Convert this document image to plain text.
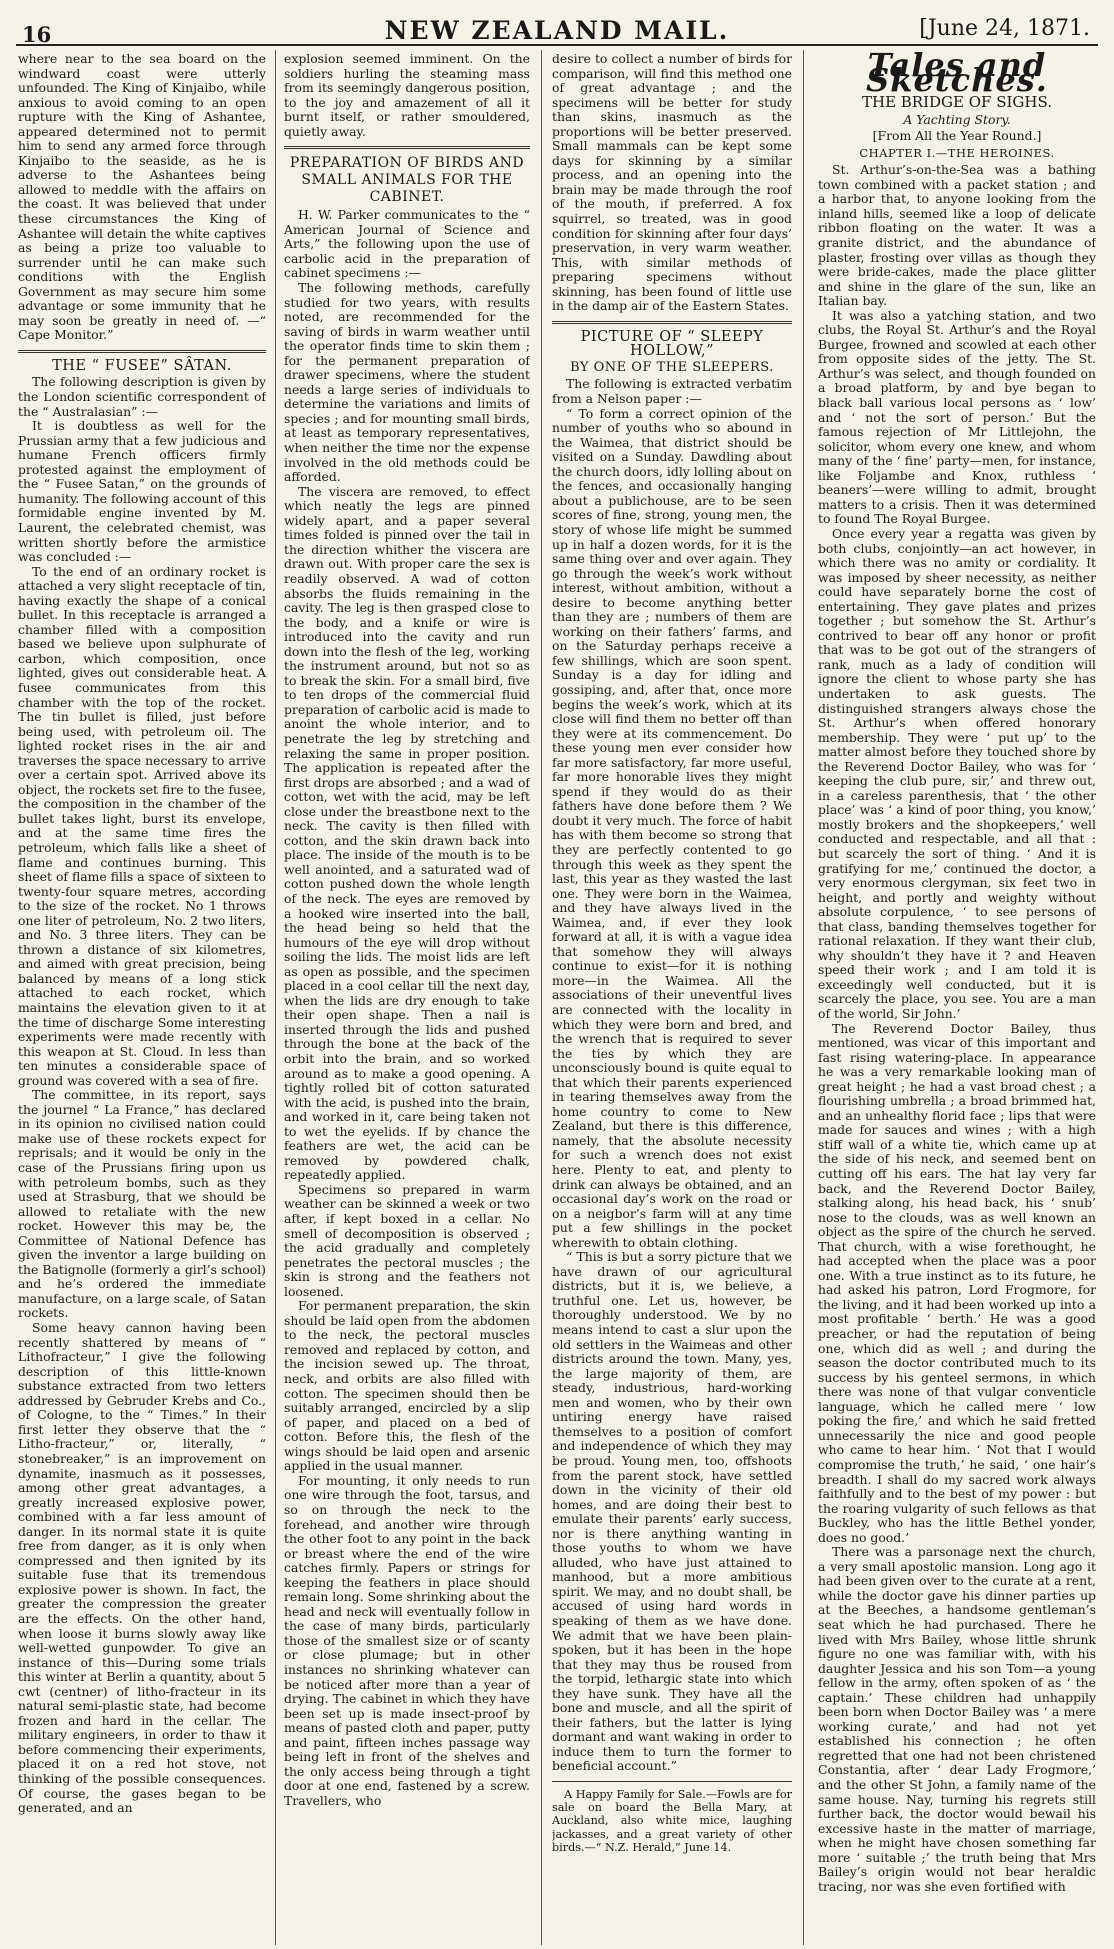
16	NEW ZEALAND MAIL.	[June 24, 1871.

where near to the sea board on the windward coast were utterly unfounded. The King of Kinjaibo, while anxious to avoid coming to an open rupture with the King of Ashantee, appeared determined not to permit him to send any armed force through Kinjaibo to the seaside, as he is adverse to the Ashantees being allowed to meddle with the affairs on the coast. It was believed that under these circumstances the King of Ashantee will detain the white captives as being a prize too valuable to surrender until he can make such conditions with the English Government as may secure him some advantage or some immunity that he may soon be greatly in need of. —“ Cape Monitor.”

THE “ FUSEE” SÂTAN.

The following description is given by the London scientific correspondent of the “ Australasian” :—

It is doubtless as well for the Prussian army that a few judicious and humane French officers firmly protested against the employment of the “ Fusee Satan,” on the grounds of humanity. The following account of this formidable engine invented by M. Laurent, the celebrated chemist, was written shortly before the armistice was concluded :—

To the end of an ordinary rocket is attached a very slight receptacle of tin, having exactly the shape of a conical bullet. In this receptacle is arranged a chamber filled with a composition based we believe upon sulphurate of carbon, which composition, once lighted, gives out considerable heat. A fusee communicates from this chamber with the top of the rocket. The tin bullet is filled, just before being used, with petroleum oil. The lighted rocket rises in the air and traverses the space necessary to arrive over a certain spot. Arrived above its object, the rockets set fire to the fusee, the composition in the chamber of the bullet takes light, burst its envelope, and at the same time fires the petroleum, which falls like a sheet of flame and continues burning. This sheet of flame fills a space of sixteen to twenty-four square metres, according to the size of the rocket. No 1 throws one liter of petroleum, No. 2 two liters, and No. 3 three liters. They can be thrown a distance of six kilometres, and aimed with great precision, being balanced by means of a long stick attached to each rocket, which maintains the elevation given to it at the time of discharge Some interesting experiments were made recently with this weapon at St. Cloud. In less than ten minutes a considerable space of ground was covered with a sea of fire.

The committee, in its report, says the journel “ La France,” has declared in its opinion no civilised nation could make use of these rockets expect for reprisals; and it would be only in the case of the Prussians firing upon us with petroleum bombs, such as they used at Strasburg, that we should be allowed to retaliate with the new rocket. However this may be, the Committee of National Defence has given the inventor a large building on the Batignolle (formerly a girl’s school) and he’s ordered the immediate manufacture, on a large scale, of Satan rockets.

Some heavy cannon having been recently shattered by means of “ Lithofracteur,” I give the following description of this little-known substance extracted from two letters addressed by Gebruder Krebs and Co., of Cologne, to the “ Times.” In their first letter they observe that the “ Litho-fracteur,” or, literally, “ stonebreaker,” is an improvement on dynamite, inasmuch as it possesses, among other great advantages, a greatly increased explosive power, combined with a far less amount of danger. In its normal state it is quite free from danger, as it is only when compressed and then ignited by its suitable fuse that its tremendous explosive power is shown. In fact, the greater the compression the greater are the effects. On the other hand, when loose it burns slowly away like well-wetted gunpowder. To give an instance of this—During some trials this winter at Berlin a quantity, about 5 cwt (centner) of litho-fracteur in its natural semi-plastic state, had become frozen and hard in the cellar. The military engineers, in order to thaw it before commencing their experiments, placed it on a red hot stove, not thinking of the possible consequences. Of course, the gases began to be generated, and an

explosion seemed imminent. On the soldiers hurling the steaming mass from its seemingly dangerous position, to the joy and amazement of all it burnt itself, or rather smouldered, quietly away.

PREPARATION OF BIRDS AND SMALL ANIMALS FOR THE CABINET.

H. W. Parker communicates to the “ American Journal of Science and Arts,” the following upon the use of carbolic acid in the preparation of cabinet specimens :—

The following methods, carefully studied for two years, with results noted, are recommended for the saving of birds in warm weather until the operator finds time to skin them ; for the permanent preparation of drawer specimens, where the student needs a large series of individuals to determine the variations and limits of species ; and for mounting small birds, at least as temporary representatives, when neither the time nor the expense involved in the old methods could be afforded.

The viscera are removed, to effect which neatly the legs are pinned widely apart, and a paper several times folded is pinned over the tail in the direction whither the viscera are drawn out. With proper care the sex is readily observed. A wad of cotton absorbs the fluids remaining in the cavity. The leg is then grasped close to the body, and a knife or wire is introduced into the cavity and run down into the flesh of the leg, working the instrument around, but not so as to break the skin. For a small bird, five to ten drops of the commercial fluid preparation of carbolic acid is made to anoint the whole interior, and to penetrate the leg by stretching and relaxing the same in proper position. The application is repeated after the first drops are absorbed ; and a wad of cotton, wet with the acid, may be left close under the breastbone next to the neck. The cavity is then filled with cotton, and the skin drawn back into place. The inside of the mouth is to be well anointed, and a saturated wad of cotton pushed down the whole length of the neck. The eyes are removed by a hooked wire inserted into the ball, the head being so held that the humours of the eye will drop without soiling the lids. The moist lids are left as open as possible, and the specimen placed in a cool cellar till the next day, when the lids are dry enough to take their open shape. Then a nail is inserted through the lids and pushed through the bone at the back of the orbit into the brain, and so worked around as to make a good opening. A tightly rolled bit of cotton saturated with the acid, is pushed into the brain, and worked in it, care being taken not to wet the eyelids. If by chance the feathers are wet, the acid can be removed by powdered chalk, repeatedly applied.

Specimens so prepared in warm weather can be skinned a week or two after, if kept boxed in a cellar. No smell of decomposition is observed ; the acid gradually and completely penetrates the pectoral muscles ; the skin is strong and the feathers not loosened.

For permanent preparation, the skin should be laid open from the abdomen to the neck, the pectoral muscles removed and replaced by cotton, and the incision sewed up. The throat, neck, and orbits are also filled with cotton. The specimen should then be suitably arranged, encircled by a slip of paper, and placed on a bed of cotton. Before this, the flesh of the wings should be laid open and arsenic applied in the usual manner.

For mounting, it only needs to run one wire through the foot, tarsus, and so on through the neck to the forehead, and another wire through the other foot to any point in the back or breast where the end of the wire catches firmly. Papers or strings for keeping the feathers in place should remain long. Some shrinking about the head and neck will eventually follow in the case of many birds, particularly those of the smallest size or of scanty or close plumage; but in other instances no shrinking whatever can be noticed after more than a year of drying. The cabinet in which they have been set up is made insect-proof by means of pasted cloth and paper, putty and paint, fifteen inches passage way being left in front of the shelves and the only access being through a tight door at one end, fastened by a screw. Travellers, who

desire to collect a number of birds for comparison, will find this method one of great advantage ; and the specimens will be better for study than skins, inasmuch as the proportions will be better preserved. Small mammals can be kept some days for skinning by a similar process, and an opening into the brain may be made through the roof of the mouth, if preferred. A fox squirrel, so treated, was in good condition for skinning after four days’ preservation, in very warm weather. This, with similar methods of preparing specimens without skinning, has been found of little use in the damp air of the Eastern States.

PICTURE OF “ SLEEPY HOLLOW,”
BY ONE OF THE SLEEPERS.

The following is extracted verbatim from a Nelson paper :—

“ To form a correct opinion of the number of youths who so abound in the Waimea, that district should be visited on a Sunday. Dawdling about the church doors, idly lolling about on the fences, and occasionally hanging about a publichouse, are to be seen scores of fine, strong, young men, the story of whose life might be summed up in half a dozen words, for it is the same thing over and over again. They go through the week’s work without interest, without ambition, without a desire to become anything better than they are ; numbers of them are working on their fathers’ farms, and on the Saturday perhaps receive a few shillings, which are soon spent. Sunday is a day for idling and gossiping, and, after that, once more begins the week’s work, which at its close will find them no better off than they were at its commencement. Do these young men ever consider how far more satisfactory, far more useful, far more honorable lives they might spend if they would do as their fathers have done before them ? We doubt it very much. The force of habit has with them become so strong that they are perfectly contented to go through this week as they spent the last, this year as they wasted the last one. They were born in the Waimea, and they have always lived in the Waimea, and, if ever they look forward at all, it is with a vague idea that somehow they will always continue to exist—for it is nothing more—in the Waimea. All the associations of their uneventful lives are connected with the locality in which they were born and bred, and the wrench that is required to sever the ties by which they are unconsciously bound is quite equal to that which their parents experienced in tearing themselves away from the home country to come to New Zealand, but there is this difference, namely, that the absolute necessity for such a wrench does not exist here. Plenty to eat, and plenty to drink can always be obtained, and an occasional day’s work on the road or on a neigbor’s farm will at any time put a few shillings in the pocket wherewith to obtain clothing.

“ This is but a sorry picture that we have drawn of our agricultural districts, but it is, we believe, a truthful one. Let us, however, be thoroughly understood. We by no means intend to cast a slur upon the old settlers in the Waimeas and other districts around the town. Many, yes, the large majority of them, are steady, industrious, hard-working men and women, who by their own untiring energy have raised themselves to a position of comfort and independence of which they may be proud. Young men, too, offshoots from the parent stock, have settled down in the vicinity of their old homes, and are doing their best to emulate their parents’ early success, nor is there anything wanting in those youths to whom we have alluded, who have just attained to manhood, but a more ambitious spirit. We may, and no doubt shall, be accused of using hard words in speaking of them as we have done. We admit that we have been plain-spoken, but it has been in the hope that they may thus be roused from the torpid, lethargic state into which they have sunk. They have all the bone and muscle, and all the spirit of their fathers, but the latter is lying dormant and want waking in order to induce them to turn the former to beneficial account.”

A Happy Family for Sale.—Fowls are for sale on board the Bella Mary, at Auckland, also white mice, laughing jackasses, and a great variety of other birds.—“ N.Z. Herald,” June 14.

Tales and Sketches.
THE BRIDGE OF SIGHS.
A Yachting Story.
[From All the Year Round.]
CHAPTER I.—THE HEROINES.

St. Arthur’s-on-the-Sea was a bathing town combined with a packet station ; and a harbor that, to anyone looking from the inland hills, seemed like a loop of delicate ribbon floating on the water. It was a granite district, and the abundance of plaster, frosting over villas as though they were bride-cakes, made the place glitter and shine in the glare of the sun, like an Italian bay.

It was also a yatching station, and two clubs, the Royal St. Arthur’s and the Royal Burgee, frowned and scowled at each other from opposite sides of the jetty. The St. Arthur’s was select, and though founded on a broad platform, by and bye began to black ball various local persons as ‘ low’ and ‘ not the sort of person.’ But the famous rejection of Mr Littlejohn, the solicitor, whom every one knew, and whom many of the ‘ fine’ party—men, for instance, like Foljambe and Knox, ruthless ‘ beaners’—were willing to admit, brought matters to a crisis. Then it was determined to found The Royal Burgee.

Once every year a regatta was given by both clubs, conjointly—an act however, in which there was no amity or cordiality. It was imposed by sheer necessity, as neither could have separately borne the cost of entertaining. They gave plates and prizes together ; but somehow the St. Arthur’s contrived to bear off any honor or profit that was to be got out of the strangers of rank, much as a lady of condition will ignore the client to whose party she has undertaken to ask guests. The distinguished strangers always chose the St. Arthur’s when offered honorary membership. They were ‘ put up’ to the matter almost before they touched shore by the Reverend Doctor Bailey, who was for ‘ keeping the club pure, sir,’ and threw out, in a careless parenthesis, that ‘ the other place’ was ‘ a kind of poor thing, you know,’ mostly brokers and the shopkeepers,’ well conducted and respectable, and all that : but scarcely the sort of thing. ‘ And it is gratifying for me,’ continued the doctor, a very enormous clergyman, six feet two in height, and portly and weighty without absolute corpulence, ‘ to see persons of that class, banding themselves together for rational relaxation. If they want their club, why shouldn’t they have it ? and Heaven speed their work ; and I am told it is exceedingly well conducted, but it is scarcely the place, you see. You are a man of the world, Sir John.’

The Reverend Doctor Bailey, thus mentioned, was vicar of this important and fast rising watering-place. In appearance he was a very remarkable looking man of great height ; he had a vast broad chest ; a flourishing umbrella ; a broad brimmed hat, and an unhealthy florid face ; lips that were made for sauces and wines ; with a high stiff wall of a white tie, which came up at the side of his neck, and seemed bent on cutting off his ears. The hat lay very far back, and the Reverend Doctor Bailey, stalking along, his head back, his ‘ snub’ nose to the clouds, was as well known an object as the spire of the church he served. That church, with a wise forethought, he had accepted when the place was a poor one. With a true instinct as to its future, he had asked his patron, Lord Frogmore, for the living, and it had been worked up into a most profitable ‘ berth.’ He was a good preacher, or had the reputation of being one, which did as well ; and during the season the doctor contributed much to its success by his genteel sermons, in which there was none of that vulgar conventicle language, which he called mere ‘ low poking the fire,’ and which he said fretted unnecessarily the nice and good people who came to hear him. ‘ Not that I would compromise the truth,’ he said, ‘ one hair’s breadth. I shall do my sacred work always faithfully and to the best of my power : but the roaring vulgarity of such fellows as that Buckley, who has the little Bethel yonder, does no good.’

There was a parsonage next the church, a very small apostolic mansion. Long ago it had been given over to the curate at a rent, while the doctor gave his dinner parties up at the Beeches, a handsome gentleman’s seat which he had purchased. There he lived with Mrs Bailey, whose little shrunk figure no one was familiar with, with his daughter Jessica and his son Tom—a young fellow in the army, often spoken of as ‘ the captain.’ These children had unhappily been born when Doctor Bailey was ‘ a mere working curate,’ and had not yet established his connection ; he often regretted that one had not been christened Constantia, after ‘ dear Lady Frogmore,’ and the other St John, a family name of the same house. Nay, turning his regrets still further back, the doctor would bewail his excessive haste in the matter of marriage, when he might have chosen something far more ‘ suitable ;’ the truth being that Mrs Bailey’s origin would not bear heraldic tracing, nor was she even fortified with
